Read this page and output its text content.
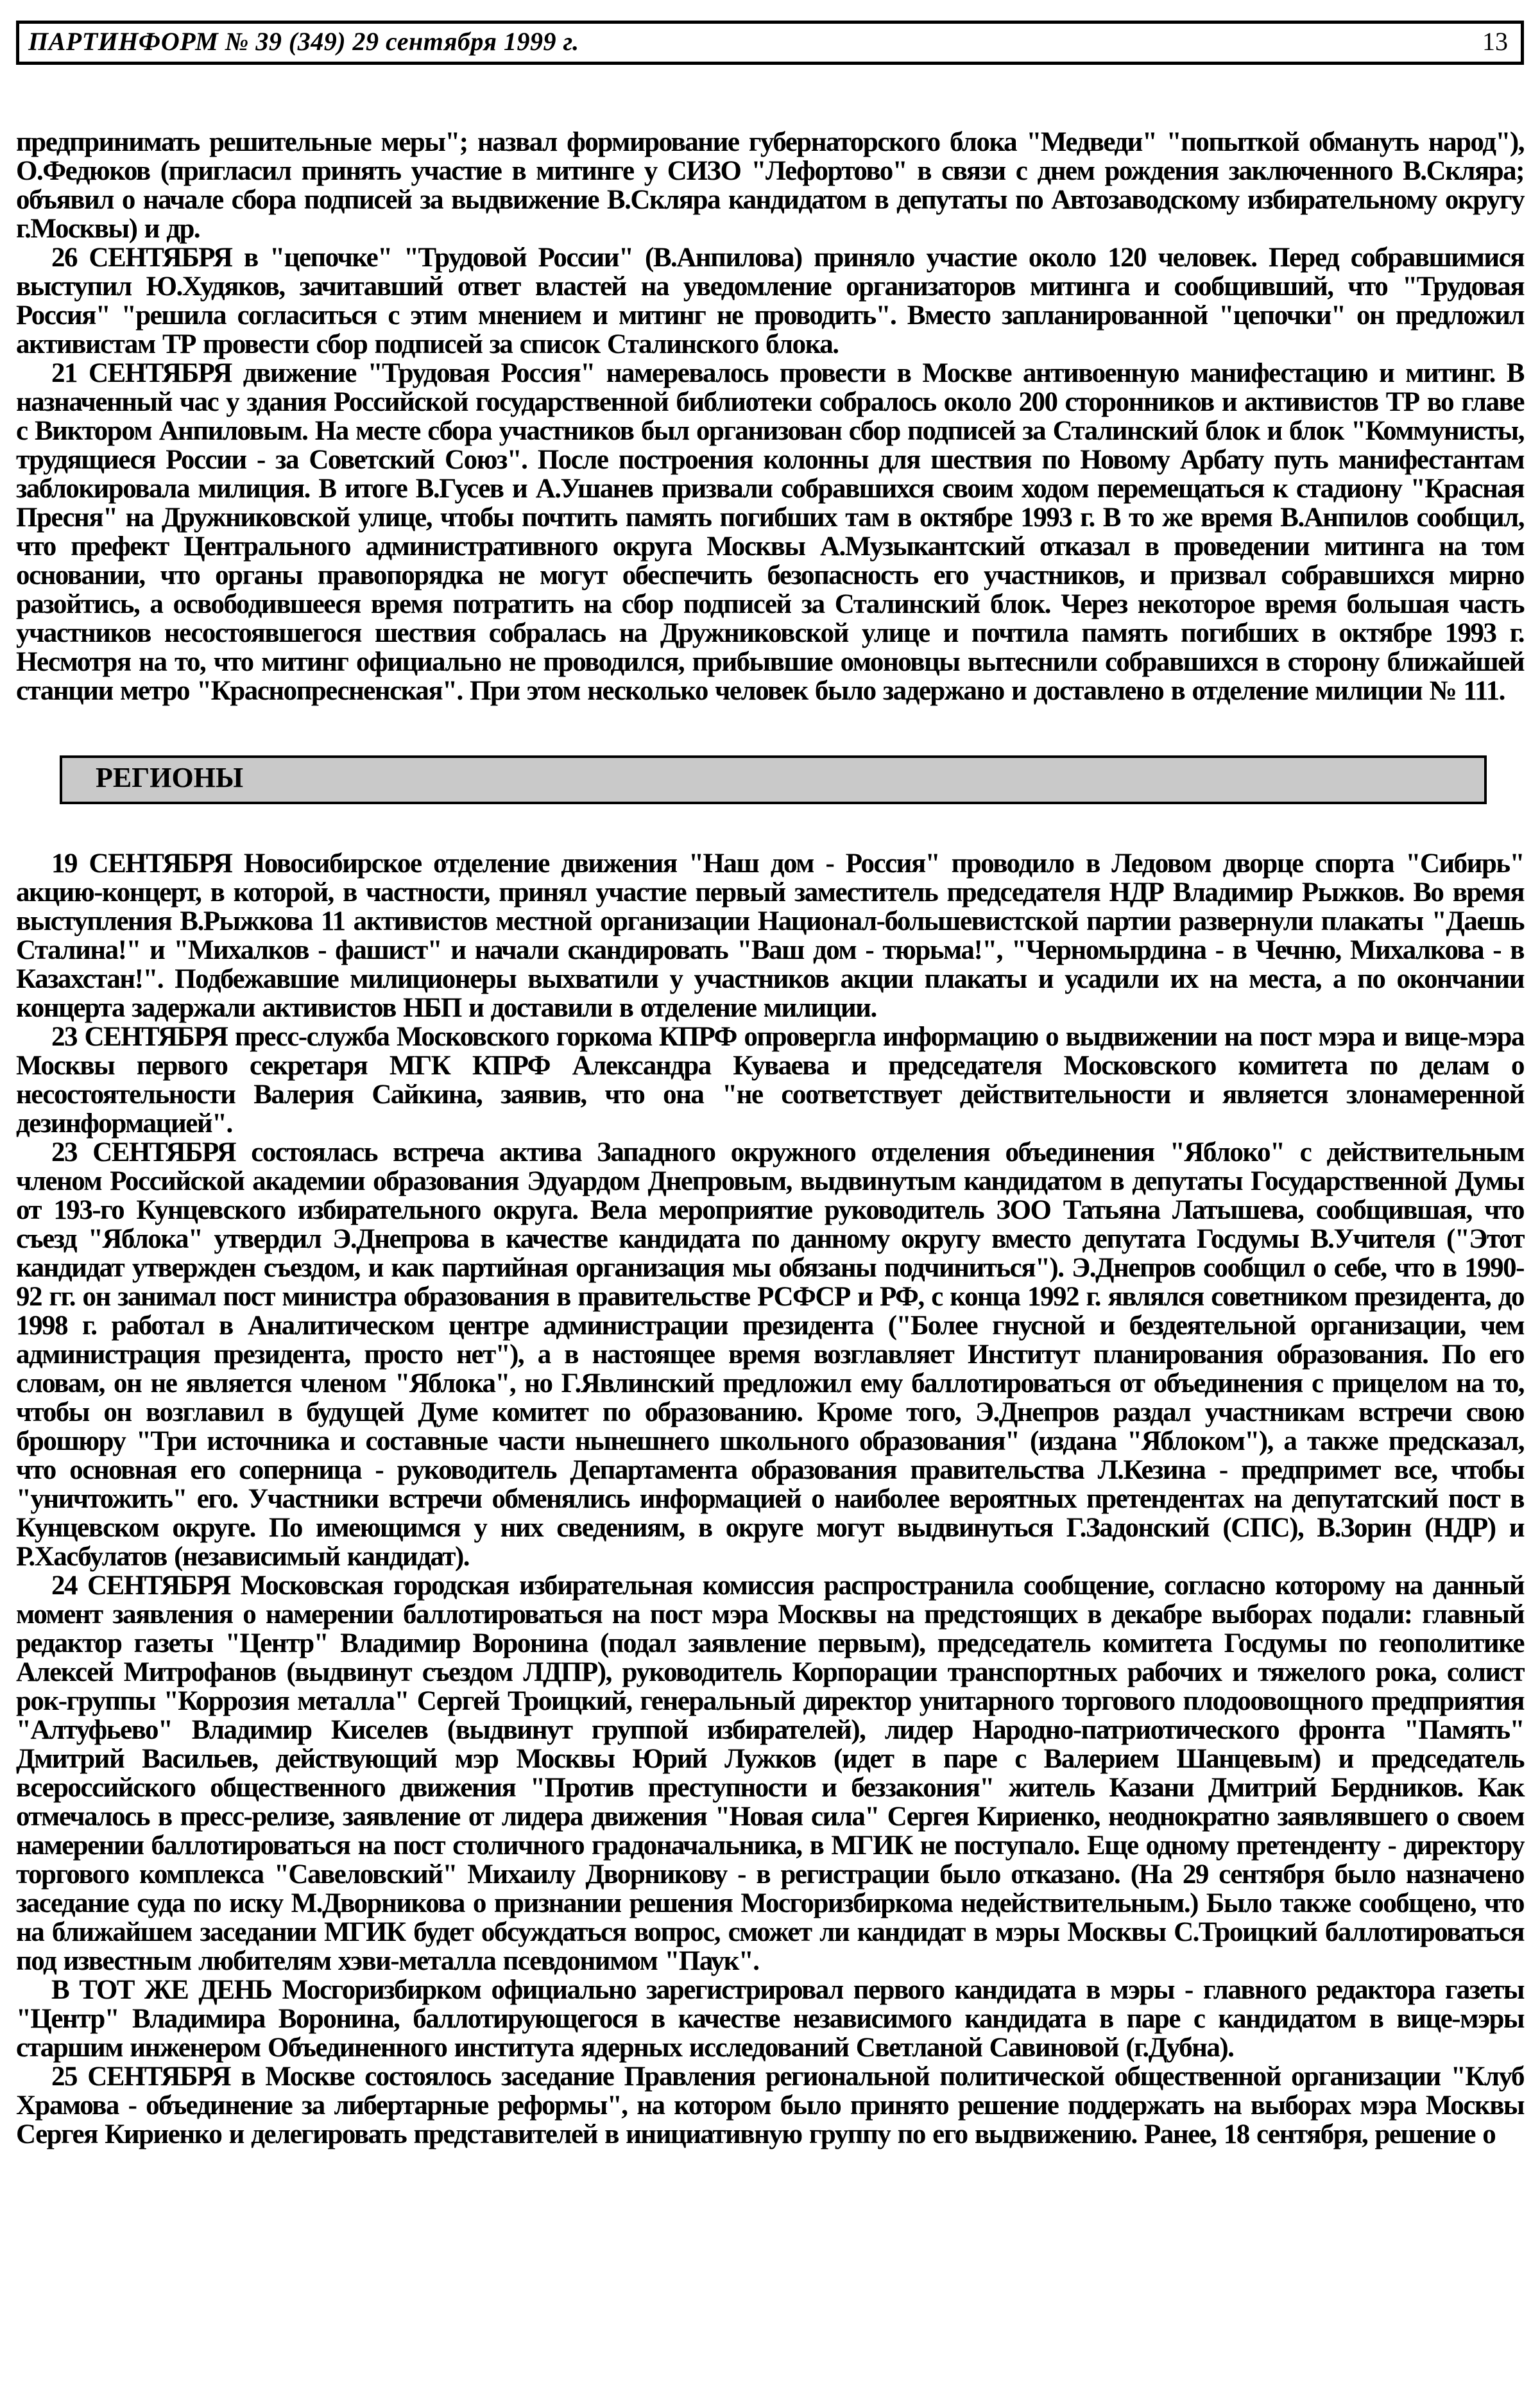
ПАРТИНФОРМ № 39 (349) 29 сентября 1999 г.	13

предпринимать решительные меры"; назвал формирование губернаторского блока "Медведи" "попыткой обмануть народ"), О.Федюков (пригласил принять участие в митинге у СИЗО "Лефортово" в связи с днем рождения заключенного В.Скляра; объявил о начале сбора подписей за выдвижение В.Скляра кандидатом в депутаты по Автозаводскому избирательному округу г.Москвы) и др.

26 СЕНТЯБРЯ в "цепочке" "Трудовой России" (В.Анпилова) приняло участие около 120 человек. Перед собравшимися выступил Ю.Худяков, зачитавший ответ властей на уведомление организаторов митинга и сообщивший, что "Трудовая Россия" "решила согласиться с этим мнением и митинг не проводить". Вместо запланированной "цепочки" он предложил активистам ТР провести сбор подписей за список Сталинского блока.

21 СЕНТЯБРЯ движение "Трудовая Россия" намеревалось провести в Москве антивоенную манифестацию и митинг. В назначенный час у здания Российской государственной библиотеки собралось около 200 сторонников и активистов ТР во главе с Виктором Анпиловым. На месте сбора участников был организован сбор подписей за Сталинский блок и блок "Коммунисты, трудящиеся России - за Советский Союз". После построения колонны для шествия по Новому Арбату путь манифестантам заблокировала милиция. В итоге В.Гусев и А.Ушанев призвали собравшихся своим ходом перемещаться к стадиону "Красная Пресня" на Дружниковской улице, чтобы почтить память погибших там в октябре 1993 г. В то же время В.Анпилов сообщил, что префект Центрального административного округа Москвы А.Музыкантский отказал в проведении митинга на том основании, что органы правопорядка не могут обеспечить безопасность его участников, и призвал собравшихся мирно разойтись, а освободившееся время потратить на сбор подписей за Сталинский блок. Через некоторое время большая часть участников несостоявшегося шествия собралась на Дружниковской улице и почтила память погибших в октябре 1993 г. Несмотря на то, что митинг официально не проводился, прибывшие омоновцы вытеснили собравшихся в сторону ближайшей станции метро "Краснопресненская". При этом несколько человек было задержано и доставлено в отделение милиции № 111.

РЕГИОНЫ

19 СЕНТЯБРЯ Новосибирское отделение движения "Наш дом - Россия" проводило в Ледовом дворце спорта "Сибирь" акцию-концерт, в которой, в частности, принял участие первый заместитель председателя НДР Владимир Рыжков. Во время выступления В.Рыжкова 11 активистов местной организации Национал-большевистской партии развернули плакаты "Даешь Сталина!" и "Михалков - фашист" и начали скандировать "Ваш дом - тюрьма!", "Черномырдина - в Чечню, Михалкова - в Казахстан!". Подбежавшие милиционеры выхватили у участников акции плакаты и усадили их на места, а по окончании концерта задержали активистов НБП и доставили в отделение милиции.

23 СЕНТЯБРЯ пресс-служба Московского горкома КПРФ опровергла информацию о выдвижении на пост мэра и вице-мэра Москвы первого секретаря МГК КПРФ Александра Куваева и председателя Московского комитета по делам о несостоятельности Валерия Сайкина, заявив, что она "не соответствует действительности и является злонамеренной дезинформацией".

23 СЕНТЯБРЯ состоялась встреча актива Западного окружного отделения объединения "Яблоко" с действительным членом Российской академии образования Эдуардом Днепровым, выдвинутым кандидатом в депутаты Государственной Думы от 193-го Кунцевского избирательного округа. Вела мероприятие руководитель ЗОО Татьяна Латышева, сообщившая, что съезд "Яблока" утвердил Э.Днепрова в качестве кандидата по данному округу вместо депутата Госдумы В.Учителя ("Этот кандидат утвержден съездом, и как партийная организация мы обязаны подчиниться"). Э.Днепров сообщил о себе, что в 1990-92 гг. он занимал пост министра образования в правительстве РСФСР и РФ, с конца 1992 г. являлся советником президента, до 1998 г. работал в Аналитическом центре администрации президента ("Более гнусной и бездеятельной организации, чем администрация президента, просто нет"), а в настоящее время возглавляет Институт планирования образования. По его словам, он не является членом "Яблока", но Г.Явлинский предложил ему баллотироваться от объединения с прицелом на то, чтобы он возглавил в будущей Думе комитет по образованию. Кроме того, Э.Днепров раздал участникам встречи свою брошюру "Три источника и составные части нынешнего школьного образования" (издана "Яблоком"), а также предсказал, что основная его соперница - руководитель Департамента образования правительства Л.Кезина - предпримет все, чтобы "уничтожить" его. Участники встречи обменялись информацией о наиболее вероятных претендентах на депутатский пост в Кунцевском округе. По имеющимся у них сведениям, в округе могут выдвинуться Г.Задонский (СПС), В.Зорин (НДР) и Р.Хасбулатов (независимый кандидат).

24 СЕНТЯБРЯ Московская городская избирательная комиссия распространила сообщение, согласно которому на данный момент заявления о намерении баллотироваться на пост мэра Москвы на предстоящих в декабре выборах подали: главный редактор газеты "Центр" Владимир Воронина (подал заявление первым), председатель комитета Госдумы по геополитике Алексей Митрофанов (выдвинут съездом ЛДПР), руководитель Корпорации транспортных рабочих и тяжелого рока, солист рок-группы "Коррозия металла" Сергей Троицкий, генеральный директор унитарного торгового плодоовощного предприятия "Алтуфьево" Владимир Киселев (выдвинут группой избирателей), лидер Народно-патриотического фронта "Память" Дмитрий Васильев, действующий мэр Москвы Юрий Лужков (идет в паре с Валерием Шанцевым) и председатель всероссийского общественного движения "Против преступности и беззакония" житель Казани Дмитрий Бердников. Как отмечалось в пресс-релизе, заявление от лидера движения "Новая сила" Сергея Кириенко, неоднократно заявлявшего о своем намерении баллотироваться на пост столичного градоначальника, в МГИК не поступало. Еще одному претенденту - директору торгового комплекса "Савеловский" Михаилу Дворникову - в регистрации было отказано. (На 29 сентября было назначено заседание суда по иску М.Дворникова о признании решения Мосгоризбиркома недействительным.) Было также сообщено, что на ближайшем заседании МГИК будет обсуждаться вопрос, сможет ли кандидат в мэры Москвы С.Троицкий баллотироваться под известным любителям хэви-металла псевдонимом "Паук".

В ТОТ ЖЕ ДЕНЬ Мосгоризбирком официально зарегистрировал первого кандидата в мэры - главного редактора газеты "Центр" Владимира Воронина, баллотирующегося в качестве независимого кандидата в паре с кандидатом в вице-мэры старшим инженером Объединенного института ядерных исследований Светланой Савиновой (г.Дубна).

25 СЕНТЯБРЯ в Москве состоялось заседание Правления региональной политической общественной организации "Клуб Храмова - объединение за либертарные реформы", на котором было принято решение поддержать на выборах мэра Москвы Сергея Кириенко и делегировать представителей в инициативную группу по его выдвижению. Ранее, 18 сентября, решение о
